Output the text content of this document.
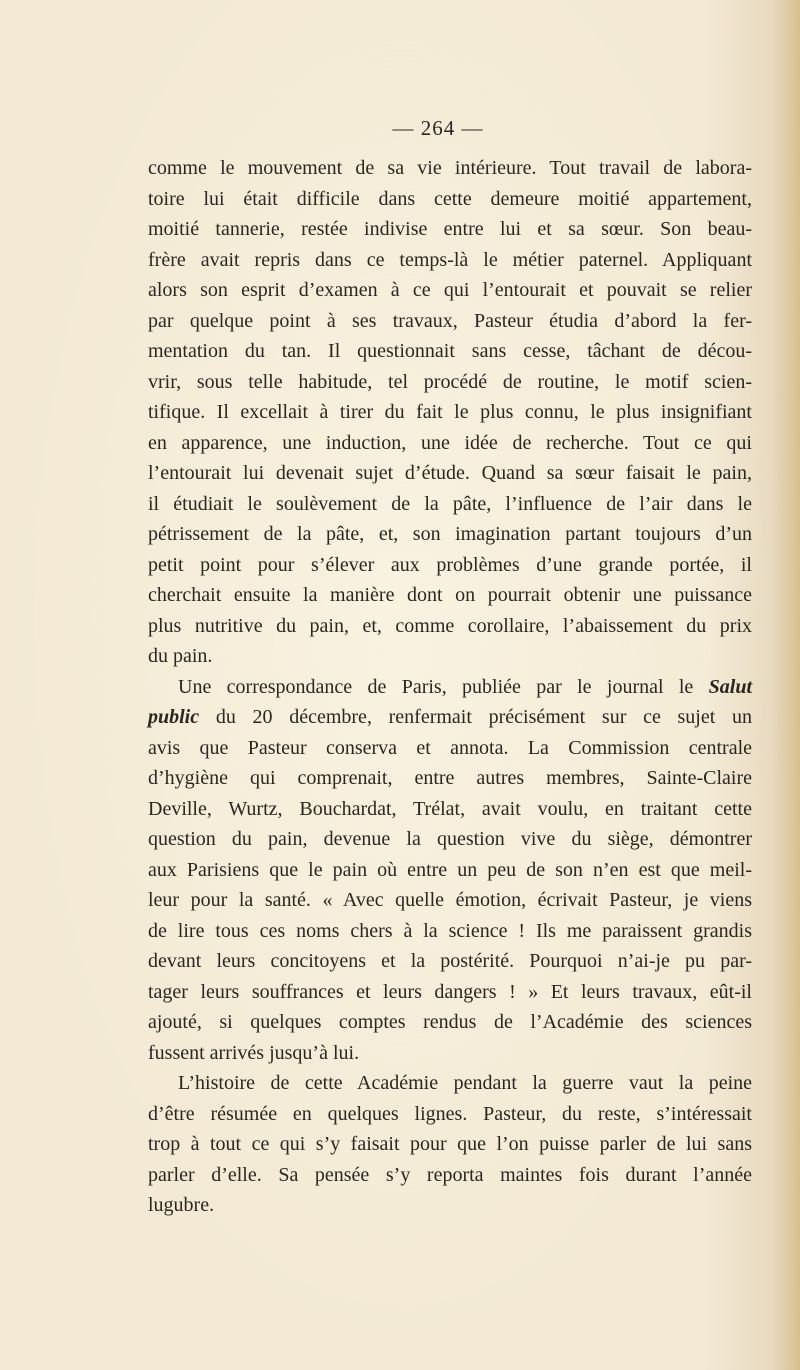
— 264 —

comme le mouvement de sa vie intérieure. Tout travail de labora-
toire lui était difficile dans cette demeure moitié appartement,
moitié tannerie, restée indivise entre lui et sa sœur. Son beau-
frère avait repris dans ce temps-là le métier paternel. Appliquant
alors son esprit d’examen à ce qui l’entourait et pouvait se relier
par quelque point à ses travaux, Pasteur étudia d’abord la fer-
mentation du tan. Il questionnait sans cesse, tâchant de décou-
vrir, sous telle habitude, tel procédé de routine, le motif scien-
tifique. Il excellait à tirer du fait le plus connu, le plus insignifiant
en apparence, une induction, une idée de recherche. Tout ce qui
l’entourait lui devenait sujet d’étude. Quand sa sœur faisait le pain,
il étudiait le soulèvement de la pâte, l’influence de l’air dans le
pétrissement de la pâte, et, son imagination partant toujours d’un
petit point pour s’élever aux problèmes d’une grande portée, il
cherchait ensuite la manière dont on pourrait obtenir une puissance
plus nutritive du pain, et, comme corollaire, l’abaissement du prix
du pain.

Une correspondance de Paris, publiée par le journal le Salut
public du 20 décembre, renfermait précisément sur ce sujet un
avis que Pasteur conserva et annota. La Commission centrale
d’hygiène qui comprenait, entre autres membres, Sainte-Claire
Deville, Wurtz, Bouchardat, Trélat, avait voulu, en traitant cette
question du pain, devenue la question vive du siège, démontrer
aux Parisiens que le pain où entre un peu de son n’en est que meil-
leur pour la santé. « Avec quelle émotion, écrivait Pasteur, je viens
de lire tous ces noms chers à la science ! Ils me paraissent grandis
devant leurs concitoyens et la postérité. Pourquoi n’ai-je pu par-
tager leurs souffrances et leurs dangers ! » Et leurs travaux, eût-il
ajouté, si quelques comptes rendus de l’Académie des sciences
fussent arrivés jusqu’à lui.

L’histoire de cette Académie pendant la guerre vaut la peine
d’être résumée en quelques lignes. Pasteur, du reste, s’intéressait
trop à tout ce qui s’y faisait pour que l’on puisse parler de lui sans
parler d’elle. Sa pensée s’y reporta maintes fois durant l’année
lugubre.
